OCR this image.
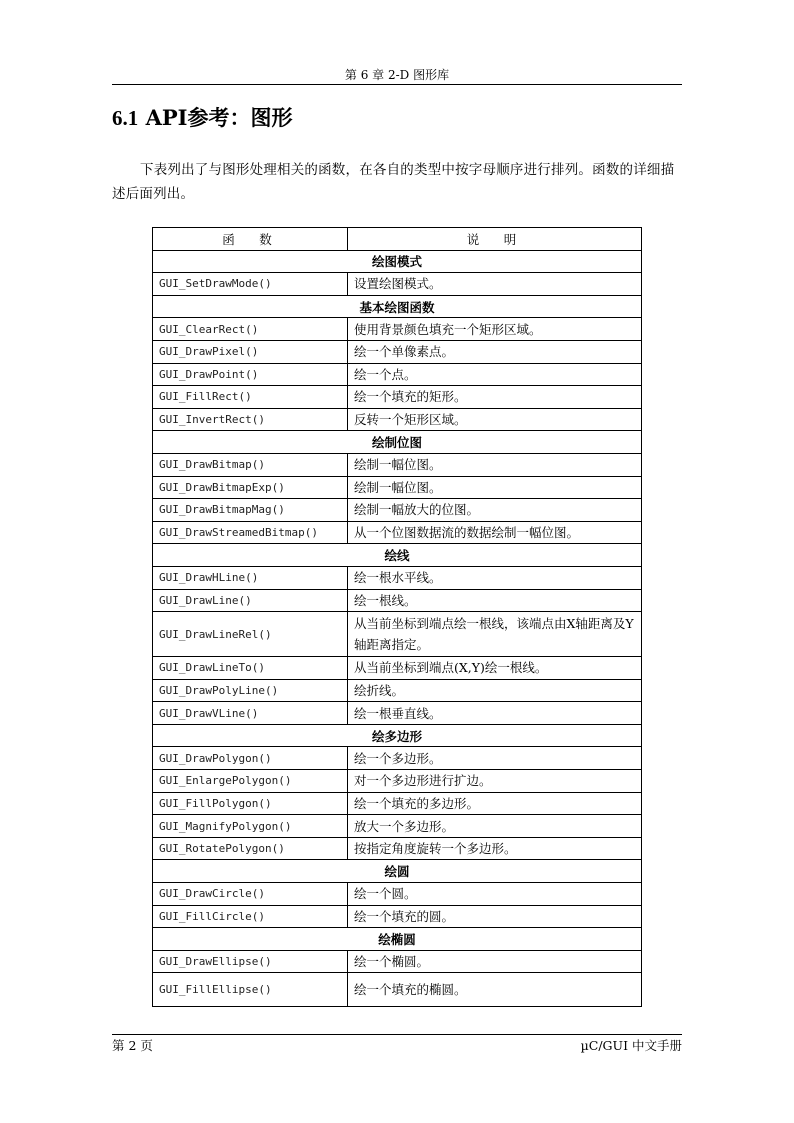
第 6 章 2-D 图形库
6.1 API参考：图形
下表列出了与图形处理相关的函数，在各自的类型中按字母顺序进行排列。函数的详细描述后面列出。
函　数	说　明
绘图模式	
GUI_SetDrawMode()	设置绘图模式。
基本绘图函数	
GUI_ClearRect()	使用背景颜色填充一个矩形区域。
GUI_DrawPixel()	绘一个单像素点。
GUI_DrawPoint()	绘一个点。
GUI_FillRect()	绘一个填充的矩形。
GUI_InvertRect()	反转一个矩形区域。
绘制位图	
GUI_DrawBitmap()	绘制一幅位图。
GUI_DrawBitmapExp()	绘制一幅位图。
GUI_DrawBitmapMag()	绘制一幅放大的位图。
GUI_DrawStreamedBitmap()	从一个位图数据流的数据绘制一幅位图。
绘线	
GUI_DrawHLine()	绘一根水平线。
GUI_DrawLine()	绘一根线。
GUI_DrawLineRel()	从当前坐标到端点绘一根线，该端点由X轴距离及Y轴距离指定。
GUI_DrawLineTo()	从当前坐标到端点(X,Y)绘一根线。
GUI_DrawPolyLine()	绘折线。
GUI_DrawVLine()	绘一根垂直线。
绘多边形	
GUI_DrawPolygon()	绘一个多边形。
GUI_EnlargePolygon()	对一个多边形进行扩边。
GUI_FillPolygon()	绘一个填充的多边形。
GUI_MagnifyPolygon()	放大一个多边形。
GUI_RotatePolygon()	按指定角度旋转一个多边形。
绘圆	
GUI_DrawCircle()	绘一个圆。
GUI_FillCircle()	绘一个填充的圆。
绘椭圆	
GUI_DrawEllipse()	绘一个椭圆。
GUI_FillEllipse()	绘一个填充的椭圆。
第 2 页	µC/GUI 中文手册
